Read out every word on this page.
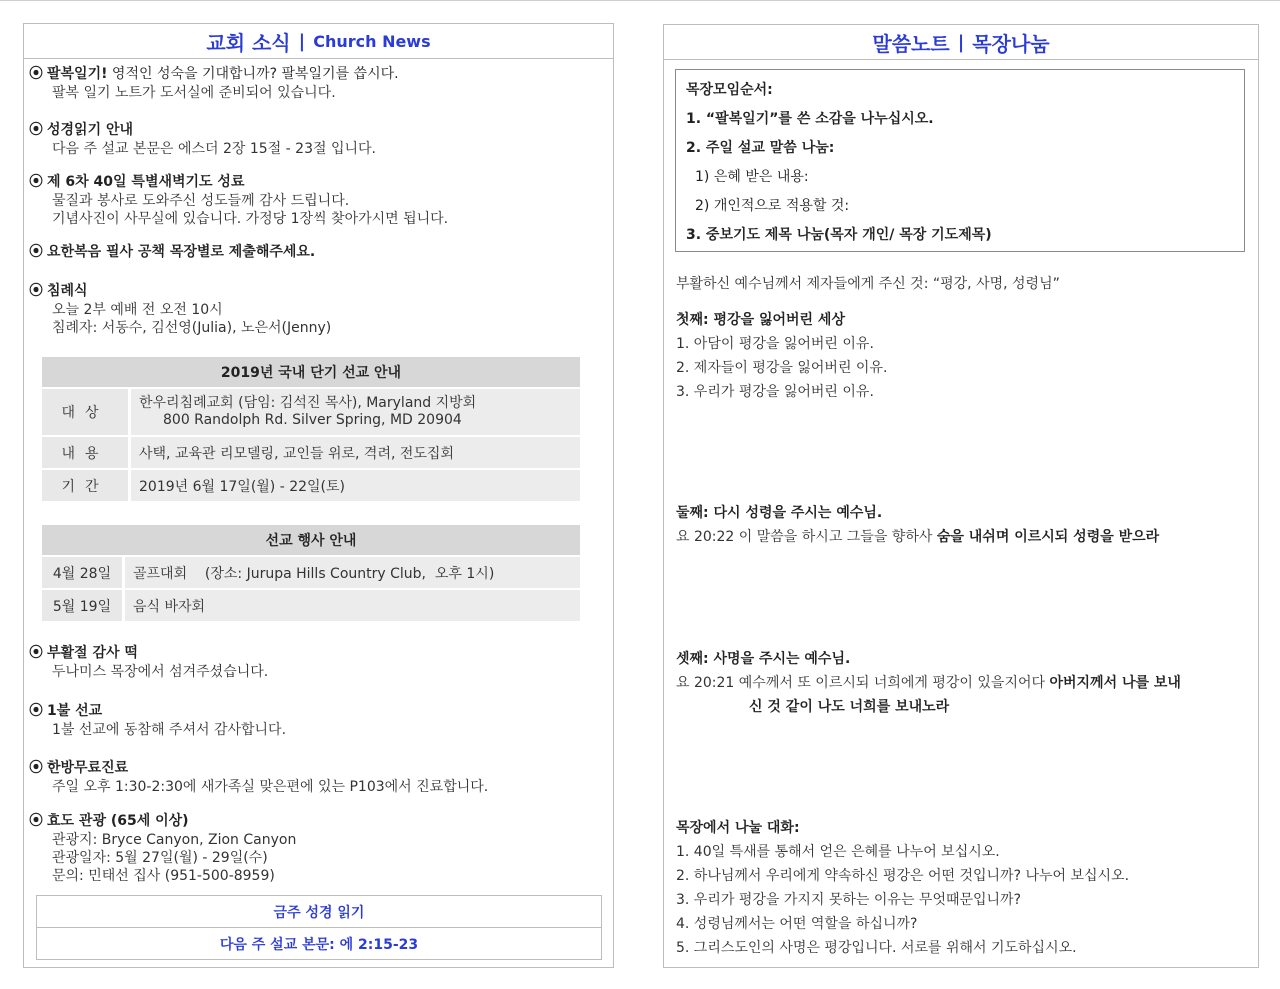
교회 소식 | Church News
⦿ 팔복일기! 영적인 성숙을 기대합니까? 팔복일기를 씁시다.
팔복 일기 노트가 도서실에 준비되어 있습니다.
⦿ 성경읽기 안내
다음 주 설교 본문은 에스더 2장 15절 - 23절 입니다.
⦿ 제 6차 40일 특별새벽기도 성료
물질과 봉사로 도와주신 성도들께 감사 드립니다.
기념사진이 사무실에 있습니다. 가정당 1장씩 찾아가시면 됩니다.
⦿ 요한복음 필사 공책 목장별로 제출해주세요.
⦿ 침례식
오늘 2부 예배 전 오전 10시
침례자: 서동수, 김선영(Julia), 노은서(Jenny)
2019년 국내 단기 선교 안내	
대상	한우리침례교회 (담임: 김석진 목사), Maryland 지방회
800 Randolph Rd. Silver Spring, MD 20904

내용	사택, 교육관 리모델링, 교인들 위로, 격려, 전도집회
기간	2019년 6월 17일(월) - 22일(토)
선교 행사 안내	
4월 28일	골프대회    (장소: Jurupa Hills Country Club,  오후 1시)
5월 19일	음식 바자회
⦿ 부활절 감사 떡
두나미스 목장에서 섬겨주셨습니다.
⦿ 1불 선교
1불 선교에 동참해 주셔서 감사합니다.
⦿ 한방무료진료
주일 오후 1:30-2:30에 새가족실 맞은편에 있는 P103에서 진료합니다.
⦿ 효도 관광 (65세 이상)
관광지: Bryce Canyon, Zion Canyon
관광일자: 5월 27일(월) - 29일(수)
문의: 민태선 집사 (951-500-8959)
금주 성경 읽기
다음 주 설교 본문: 에 2:15-23
말씀노트 | 목장나눔
목장모임순서:
1. “팔복일기”를 쓴 소감을 나누십시오.
2. 주일 설교 말씀 나눔:
1) 은혜 받은 내용:
2) 개인적으로 적용할 것:
3. 중보기도 제목 나눔(목자 개인/ 목장 기도제목)
부활하신 예수님께서 제자들에게 주신 것: “평강, 사명, 성령님”
첫째: 평강을 잃어버린 세상
1. 아담이 평강을 잃어버린 이유.
2. 제자들이 평강을 잃어버린 이유.
3. 우리가 평강을 잃어버린 이유.
둘째: 다시 성령을 주시는 예수님.
요 20:22 이 말씀을 하시고 그들을 향하사 숨을 내쉬며 이르시되 성령을 받으라
셋째: 사명을 주시는 예수님.
요 20:21 예수께서 또 이르시되 너희에게 평강이 있을지어다 아버지께서 나를 보내
신 것 같이 나도 너희를 보내노라
목장에서 나눌 대화:
1. 40일 특새를 통해서 얻은 은혜를 나누어 보십시오.
2. 하나님께서 우리에게 약속하신 평강은 어떤 것입니까? 나누어 보십시오.
3. 우리가 평강을 가지지 못하는 이유는 무엇때문입니까?
4. 성령님께서는 어떤 역할을 하십니까?
5. 그리스도인의 사명은 평강입니다. 서로를 위해서 기도하십시오.
